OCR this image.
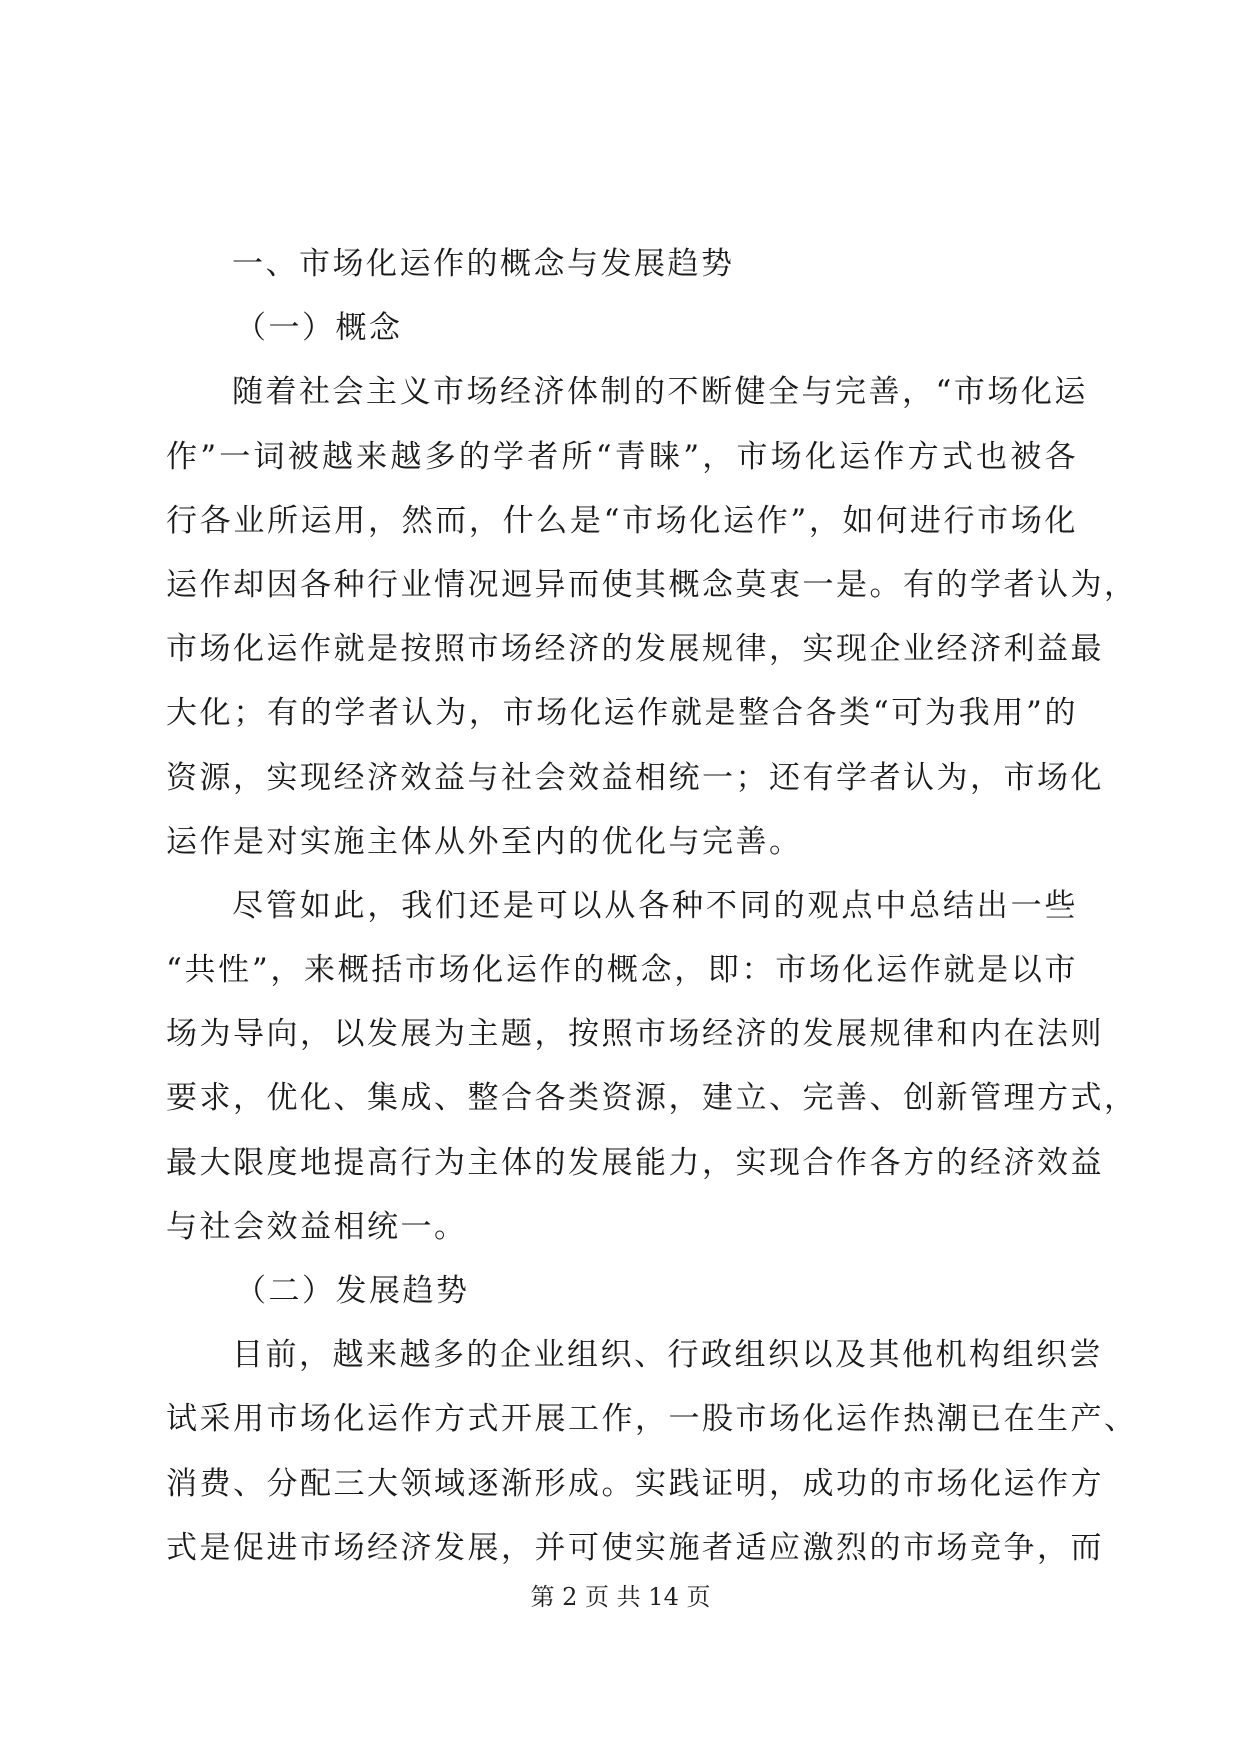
一、市场化运作的概念与发展趋势
（一）概念
随着社会主义市场经济体制的不断健全与完善，“市场化运
作”一词被越来越多的学者所“青睐”，市场化运作方式也被各
行各业所运用，然而，什么是“市场化运作”，如何进行市场化
运作却因各种行业情况迥异而使其概念莫衷一是。有的学者认为，
市场化运作就是按照市场经济的发展规律，实现企业经济利益最
大化；有的学者认为，市场化运作就是整合各类“可为我用”的
资源，实现经济效益与社会效益相统一；还有学者认为，市场化
运作是对实施主体从外至内的优化与完善。
尽管如此，我们还是可以从各种不同的观点中总结出一些
“共性”，来概括市场化运作的概念，即：市场化运作就是以市
场为导向，以发展为主题，按照市场经济的发展规律和内在法则
要求，优化、集成、整合各类资源，建立、完善、创新管理方式，
最大限度地提高行为主体的发展能力，实现合作各方的经济效益
与社会效益相统一。
（二）发展趋势
目前，越来越多的企业组织、行政组织以及其他机构组织尝
试采用市场化运作方式开展工作，一股市场化运作热潮已在生产、
消费、分配三大领域逐渐形成。实践证明，成功的市场化运作方
式是促进市场经济发展，并可使实施者适应激烈的市场竞争，而
第 2 页 共 14 页
